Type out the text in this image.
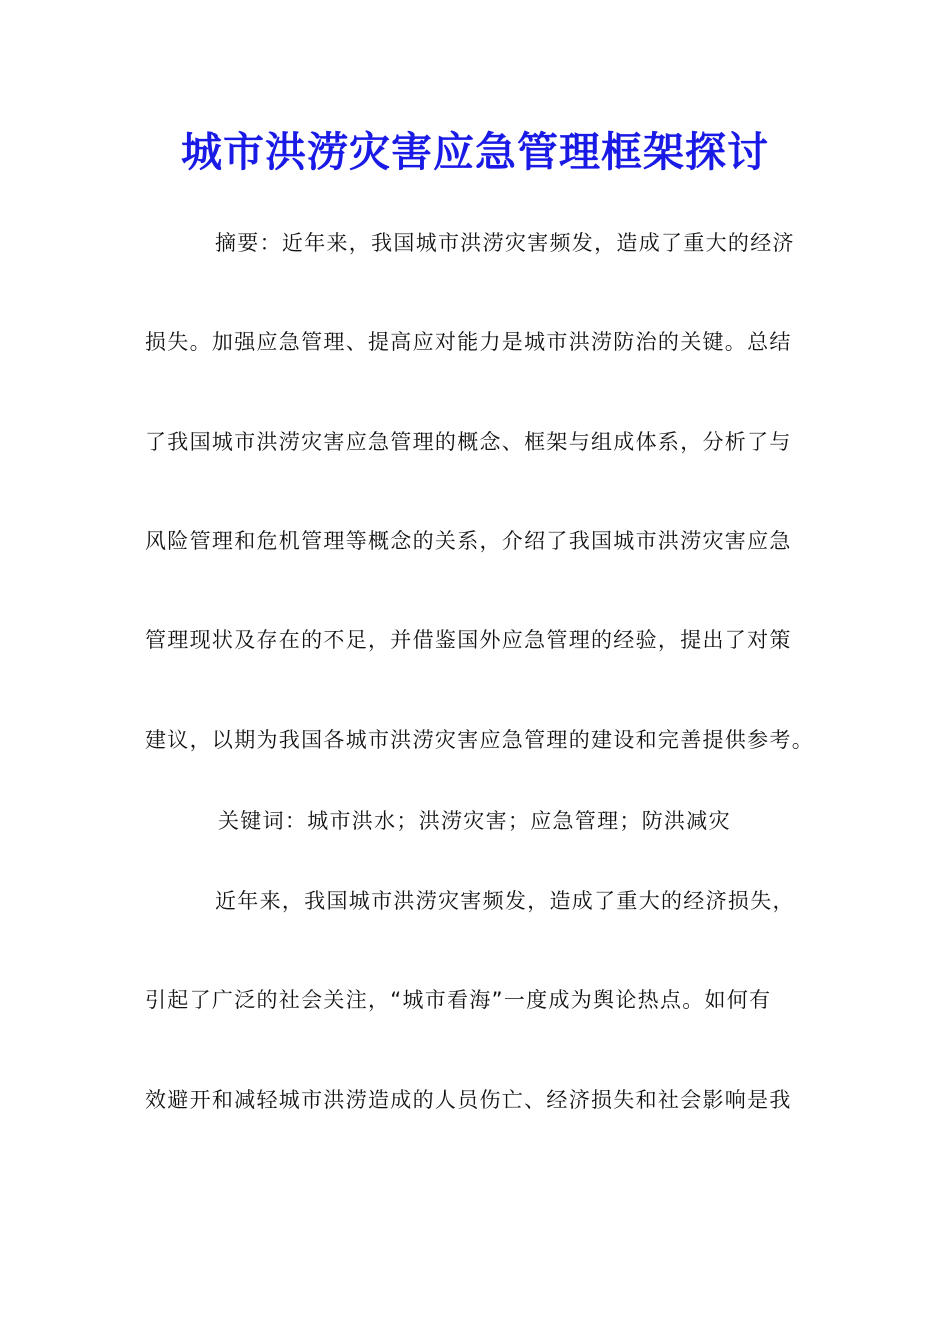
城市洪涝灾害应急管理框架探讨
摘要：近年来，我国城市洪涝灾害频发，造成了重大的经济
损失。加强应急管理、提高应对能力是城市洪涝防治的关键。总结
了我国城市洪涝灾害应急管理的概念、框架与组成体系，分析了与
风险管理和危机管理等概念的关系，介绍了我国城市洪涝灾害应急
管理现状及存在的不足，并借鉴国外应急管理的经验，提出了对策
建议，以期为我国各城市洪涝灾害应急管理的建设和完善提供参考。
关键词：城市洪水；洪涝灾害；应急管理；防洪减灾
近年来，我国城市洪涝灾害频发，造成了重大的经济损失，
引起了广泛的社会关注，“城市看海”一度成为舆论热点。如何有
效避开和减轻城市洪涝造成的人员伤亡、经济损失和社会影响是我
